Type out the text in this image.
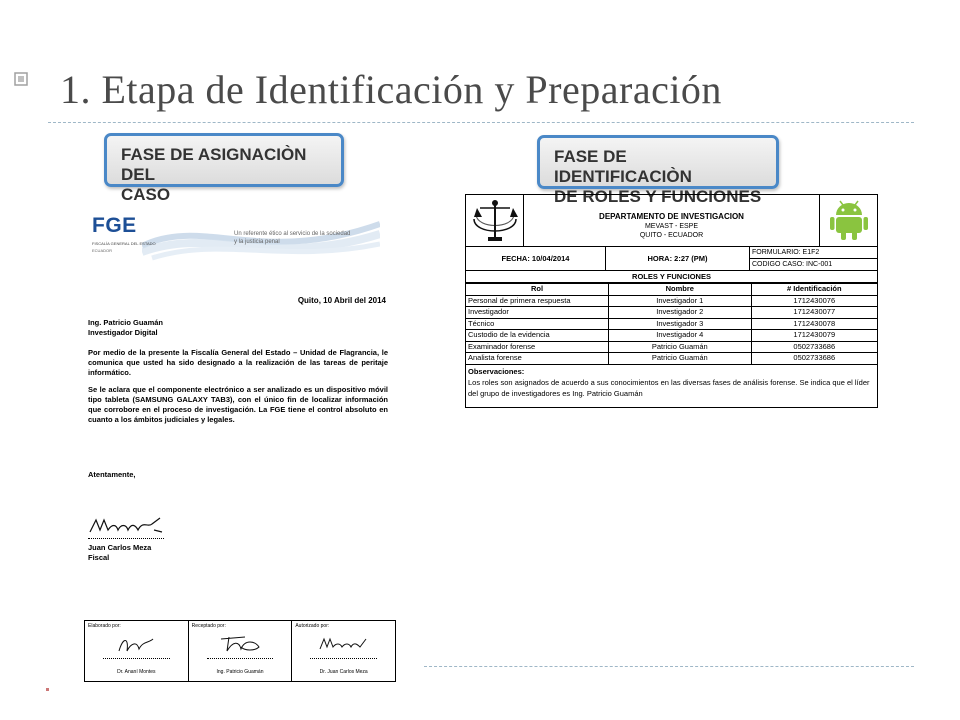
1. Etapa de Identificación y Preparación
FASE DE ASIGNACIÒN DEL
CASO
FASE DE IDENTIFICACIÒN
DE ROLES Y FUNCIONES
FGE
FISCALÍA GENERAL DEL ESTADO
ECUADOR
Un referente ético al servicio de la sociedad
y la justicia penal
Quito, 10 Abril del 2014
Ing. Patricio Guamán
Investigador Digital

Por medio de la presente la Fiscalía General del Estado – Unidad de Flagrancia, le comunica que usted ha sido designado a la realización de las tareas de peritaje informático.

Se le aclara que el componente electrónico a ser analizado es un dispositivo móvil tipo tableta (SAMSUNG GALAXY TAB3), con el único fin de localizar información que corrobore en el proceso de investigación. La FGE tiene el control absoluto en cuanto a los ámbitos judiciales y legales.

Atentamente,
Juan Carlos Meza
Fiscal
Elaborado por:
Dr. Ananí Montes
Receptado por:
Ing. Patricio Guamán
Autorizado por:
Dr. Juan Carlos Meza
DEPARTAMENTO DE INVESTIGACION
MEVAST - ESPE
QUITO - ECUADOR
FECHA: 10/04/2014	HORA: 2:27 (PM)
FORMULARIO: E1F2
CODIGO CASO: INC-001
ROLES Y FUNCIONES
Rol	Nombre	# Identificación
Personal de primera respuesta	Investigador 1	1712430076
Investigador	Investigador 2	1712430077
Técnico	Investigador 3	1712430078
Custodio de la evidencia	Investigador 4	1712430079
Examinador forense	Patricio Guamán	0502733686
Analista forense	Patricio Guamán	0502733686
Observaciones:
Los roles son asignados de acuerdo a sus conocimientos en las diversas fases de análisis forense. Se indica que el líder del grupo de investigadores es Ing. Patricio Guamán
